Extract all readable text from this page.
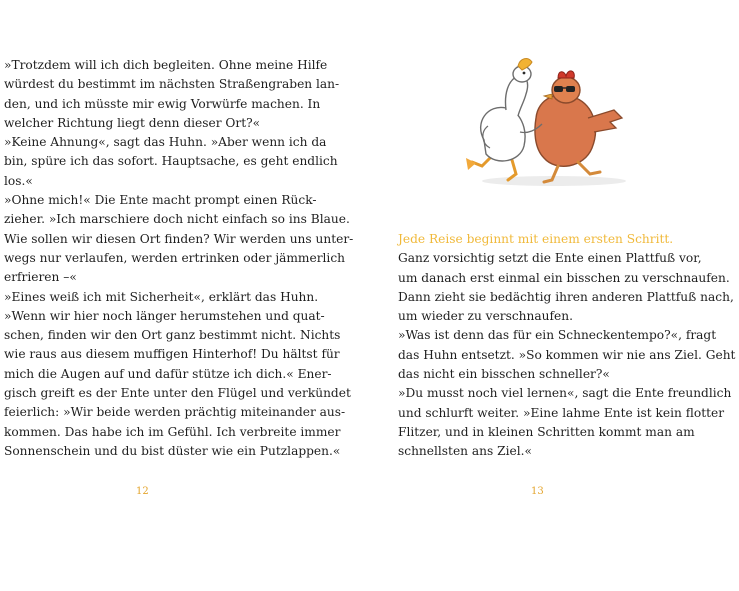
»Trotzdem will ich dich begleiten. Ohne meine Hilfe
würdest du bestimmt im nächsten Straßengraben lan-
den, und ich müsste mir ewig Vorwürfe machen. In
welcher Richtung liegt denn dieser Ort?«
»Keine Ahnung«, sagt das Huhn. »Aber wenn ich da
bin, spüre ich das sofort. Hauptsache, es geht endlich
los.«
»Ohne mich!« Die Ente macht prompt einen Rück-
zieher. »Ich marschiere doch nicht einfach so ins Blaue.
Wie sollen wir diesen Ort finden? Wir werden uns unter-
wegs nur verlaufen, werden ertrinken oder jämmerlich
erfrieren –«
»Eines weiß ich mit Sicherheit«, erklärt das Huhn.
»Wenn wir hier noch länger herumstehen und quat-
schen, finden wir den Ort ganz bestimmt nicht. Nichts
wie raus aus diesem muffigen Hinterhof! Du hältst für
mich die Augen auf und dafür stütze ich dich.« Ener-
gisch greift es der Ente unter den Flügel und verkündet
feierlich: »Wir beide werden prächtig miteinander aus-
kommen. Das habe ich im Gefühl. Ich verbreite immer
Sonnenschein und du bist düster wie ein Putzlappen.«
12
Jede Reise beginnt mit einem ersten Schritt.
Ganz vorsichtig setzt die Ente einen Plattfuß vor,
um danach erst einmal ein bisschen zu verschnaufen.
Dann zieht sie bedächtig ihren anderen Plattfuß nach,
um wieder zu verschnaufen.
»Was ist denn das für ein Schneckentempo?«, fragt
das Huhn entsetzt. »So kommen wir nie ans Ziel. Geht
das nicht ein bisschen schneller?«
»Du musst noch viel lernen«, sagt die Ente freundlich
und schlurft weiter. »Eine lahme Ente ist kein flotter
Flitzer, und in kleinen Schritten kommt man am
schnellsten ans Ziel.«
13
